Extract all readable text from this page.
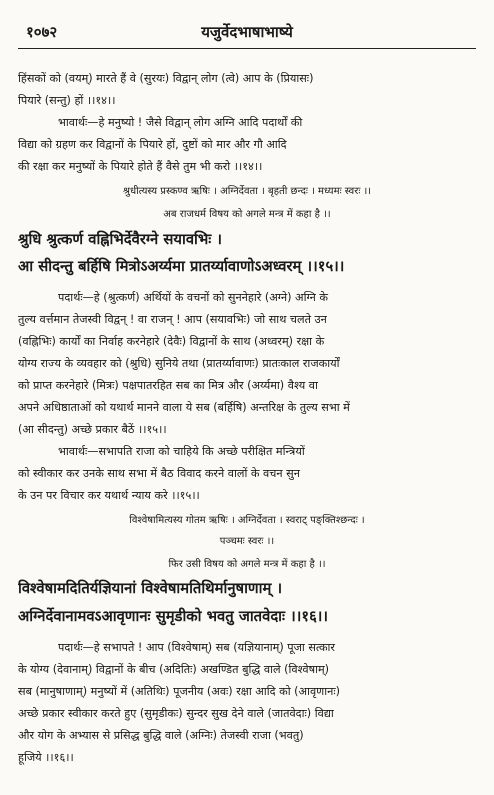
१०७२	यजुर्वेदभाषाभाष्ये
हिंसकों को (वयम्) मारते हैं वे (सुरयः) विद्वान् लोग (त्वे) आप के (प्रियासः)
पियारे (सन्तु) हों ।।१४।।
भावार्थः—हे मनुष्यो ! जैसे विद्वान् लोग अग्नि आदि पदार्थों की
विद्या को ग्रहण कर विद्वानों के पियारे हों, दुष्टों को मार और गौ आदि
की रक्षा कर मनुष्यों के पियारे होते हैं वैसे तुम भी करो ।।१४।।
श्रुधीत्यस्य प्रस्कण्व ऋषिः । अग्निर्देवता । बृहती छन्दः । मध्यमः स्वरः ।।
अब राजधर्म विषय को अगले मन्त्र में कहा है ।।
श्रुधि श्रुत्कर्ण वह्निभिर्देवैरग्ने सयावभिः ।
आ सीदन्तु बर्हिषि मित्रोऽअर्य्यमा प्रातर्य्यावाणोऽअध्वरम् ।।१५।।
पदार्थः—हे (श्रुत्कर्ण) अर्थियों के वचनों को सुननेहारे (अग्ने) अग्नि के
तुल्य वर्त्तमान तेजस्वी विद्वन् ! वा राजन् ! आप (सयावभिः) जो साथ चलते उन
(वह्निभिः) कार्यों का निर्वाह करनेहारे (देवैः) विद्वानों के साथ (अध्वरम्) रक्षा के
योग्य राज्य के व्यवहार को (श्रुधि) सुनिये तथा (प्रातर्य्यावाणः) प्रातःकाल राजकार्यों
को प्राप्त करनेहारे (मित्रः) पक्षपातरहित सब का मित्र और (अर्य्यमा) वैश्य वा
अपने अधिष्ठाताओं को यथार्थ मानने वाला ये सब (बर्हिषि) अन्तरिक्ष के तुल्य सभा में
(आ सीदन्तु) अच्छे प्रकार बैठें ।।१५।।
भावार्थः—सभापति राजा को चाहिये कि अच्छे परीक्षित मन्त्रियों
को स्वीकार कर उनके साथ सभा में बैठ विवाद करने वालों के वचन सुन
के उन पर विचार कर यथार्थ न्याय करे ।।१५।।
विश्वेषामित्यस्य गोतम ऋषिः । अग्निर्देवता । स्वराट् पङ्क्तिश्छन्दः ।
पञ्चमः स्वरः ।।
फिर उसी विषय को अगले मन्त्र में कहा है ।।
विश्वेषामदितिर्यज्ञियानां विश्वेषामतिथिर्मानुषाणाम् ।
अग्निर्देवानामवऽआवृणानः सुमृडीको भवतु जातवेदाः ।।१६।।
पदार्थः—हे सभापते ! आप (विश्वेषाम्) सब (यज्ञियानाम्) पूजा सत्कार
के योग्य (देवानाम्) विद्वानों के बीच (अदितिः) अखण्डित बुद्धि वाले (विश्वेषाम्)
सब (मानुषाणाम्) मनुष्यों में (अतिथिः) पूजनीय (अवः) रक्षा आदि को (आवृणानः)
अच्छे प्रकार स्वीकार करते हुए (सुमृडीकः) सुन्दर सुख देने वाले (जातवेदाः) विद्या
और योग के अभ्यास से प्रसिद्ध बुद्धि वाले (अग्निः) तेजस्वी राजा (भवतु)
हूजिये ।।१६।।
